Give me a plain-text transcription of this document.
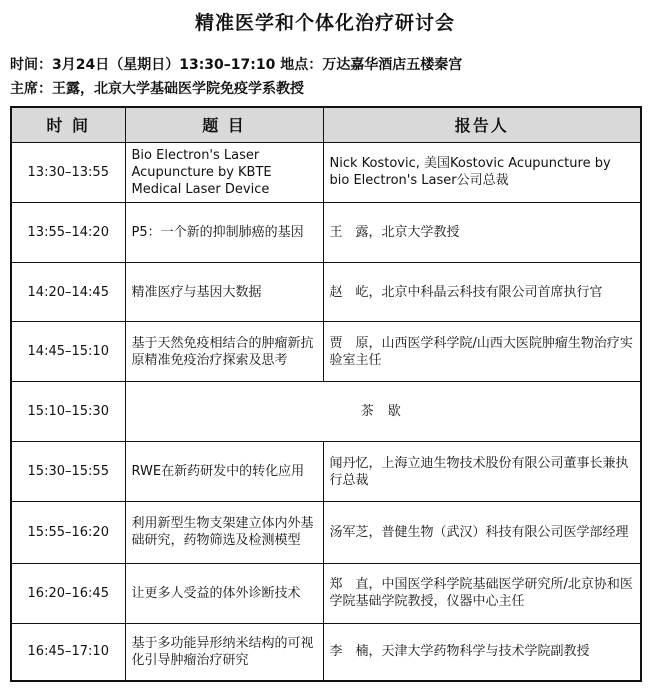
精准医学和个体化治疗研讨会
时间：3月24日（星期日）13:30–17:10 地点：万达嘉华酒店五楼秦宫
主席：王露，北京大学基础医学院免疫学系教授
时 间	题 目	报告人
13:30–13:55	Bio Electron's Laser Acupuncture by KBTE Medical Laser Device	Nick Kostovic, 美国Kostovic Acupuncture by bio Electron's Laser公司总裁
13:55–14:20	P5：一个新的抑制肺癌的基因	王　露，北京大学教授
14:20–14:45	精准医疗与基因大数据	赵　屹，北京中科晶云科技有限公司首席执行官
14:45–15:10	基于天然免疫相结合的肿瘤新抗原精准免疫治疗探索及思考	贾　原，山西医学科学院/山西大医院肿瘤生物治疗实验室主任
15:10–15:30	茶歇	
15:30–15:55	RWE在新药研发中的转化应用	闻丹忆，上海立迪生物技术股份有限公司董事长兼执行总裁
15:55–16:20	利用新型生物支架建立体内外基础研究，药物筛选及检测模型	汤军芝，普健生物（武汉）科技有限公司医学部经理
16:20–16:45	让更多人受益的体外诊断技术	郑　直，中国医学科学院基础医学研究所/北京协和医学院基础学院教授，仪器中心主任
16:45–17:10	基于多功能异形纳米结构的可视化引导肿瘤治疗研究	李　楠，天津大学药物科学与技术学院副教授
